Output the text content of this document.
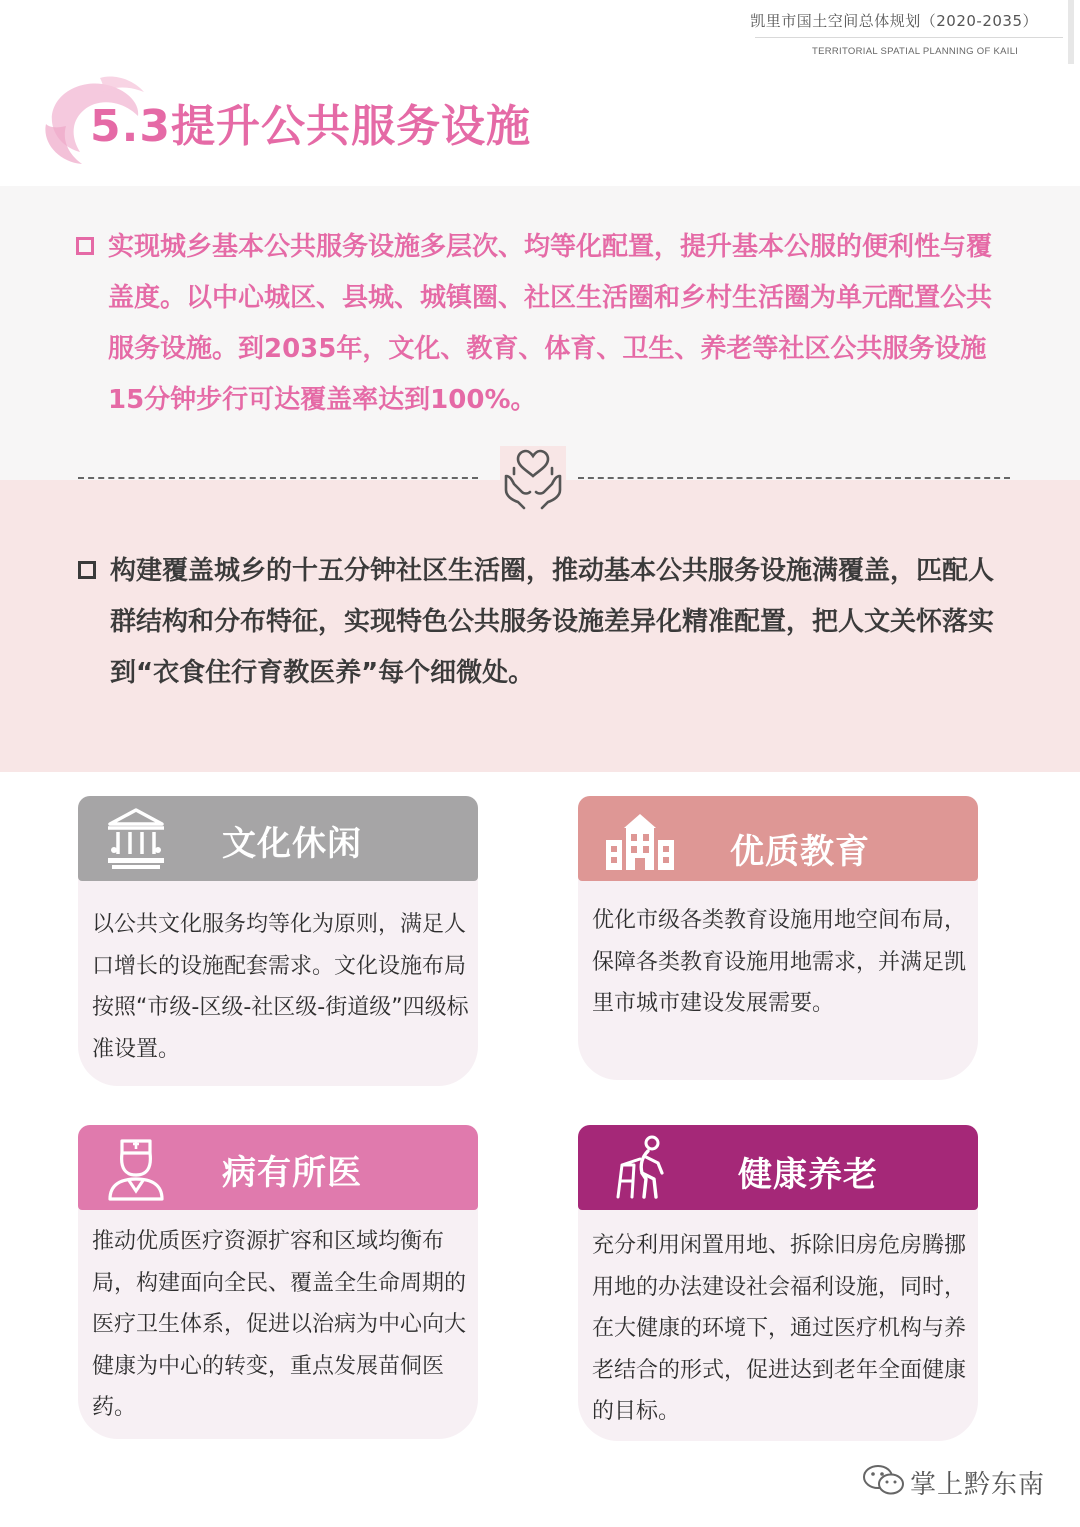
凯里市国土空间总体规划（2020-2035）
TERRITORIAL SPATIAL PLANNING OF KAILI
5.3提升公共服务设施
实现城乡基本公共服务设施多层次、均等化配置，提升基本公服的便利性与覆盖度。以中心城区、县城、城镇圈、社区生活圈和乡村生活圈为单元配置公共服务设施。到2035年，文化、教育、体育、卫生、养老等社区公共服务设施15分钟步行可达覆盖率达到100%。
构建覆盖城乡的十五分钟社区生活圈，推动基本公共服务设施满覆盖，匹配人群结构和分布特征，实现特色公共服务设施差异化精准配置，把人文关怀落实到“衣食住行育教医养”每个细微处。
文化休闲
以公共文化服务均等化为原则，满足人口增长的设施配套需求。文化设施布局按照“市级-区级-社区级-街道级”四级标准设置。
优质教育
优化市级各类教育设施用地空间布局，保障各类教育设施用地需求，并满足凯里市城市建设发展需要。
病有所医
推动优质医疗资源扩容和区域均衡布局，构建面向全民、覆盖全生命周期的医疗卫生体系，促进以治病为中心向大健康为中心的转变，重点发展苗侗医药。
健康养老
充分利用闲置用地、拆除旧房危房腾挪用地的办法建设社会福利设施，同时，在大健康的环境下，通过医疗机构与养老结合的形式，促进达到老年全面健康的目标。
掌上黔东南
